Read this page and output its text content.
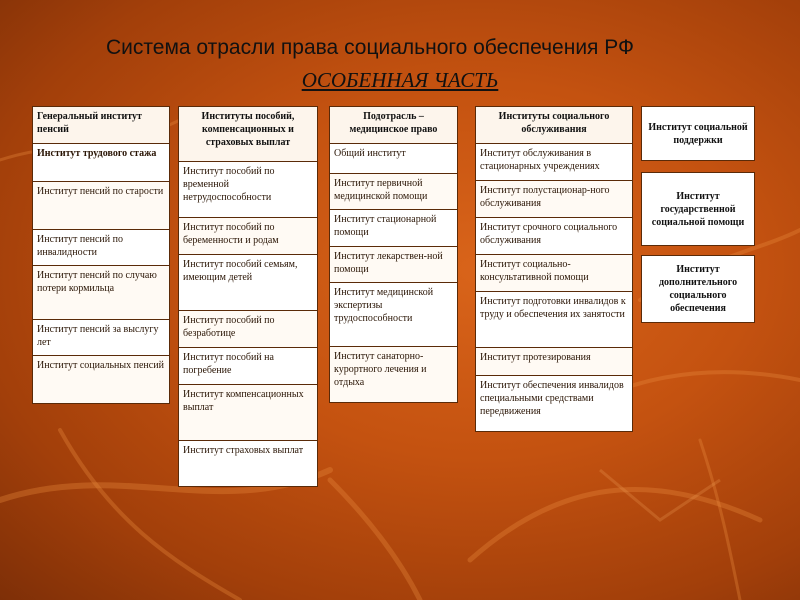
Система отрасли права социального обеспечения РФ
ОСОБЕННАЯ ЧАСТЬ
Генеральный институт пенсий
Институт трудового стажа
Институт пенсий по старости
Институт пенсий по инвалидности
Институт пенсий по случаю потери кормильца
Институт пенсий за выслугу лет
Институт социальных пенсий
Институты пособий, компенсационных и страховых выплат
Институт пособий по временной нетрудоспособности
Институт пособий по беременности и родам
Институт пособий семьям, имеющим детей
Институт пособий по безработице
Институт пособий на погребение
Институт компенсационных выплат
Институт страховых выплат
Подотрасль – медицинское право
Общий институт
Институт первичной медицинской помощи
Институт стационарной помощи
Институт лекарствен-ной помощи
Институт медицинской экспертизы трудоспособности
Институт санаторно-курортного лечения и отдыха
Институты социального обслуживания
Институт обслуживания в стационарных учреждениях
Институт полустационар-ного обслуживания
Институт срочного социального обслуживания
Институт социально-консультативной помощи
Институт подготовки инвалидов к труду и обеспечения их занятости
Институт протезирования
Институт обеспечения инвалидов специальными средствами передвижения
Институт социальной поддержки
Институт государственной социальной помощи
Институт дополнительного социального обеспечения
